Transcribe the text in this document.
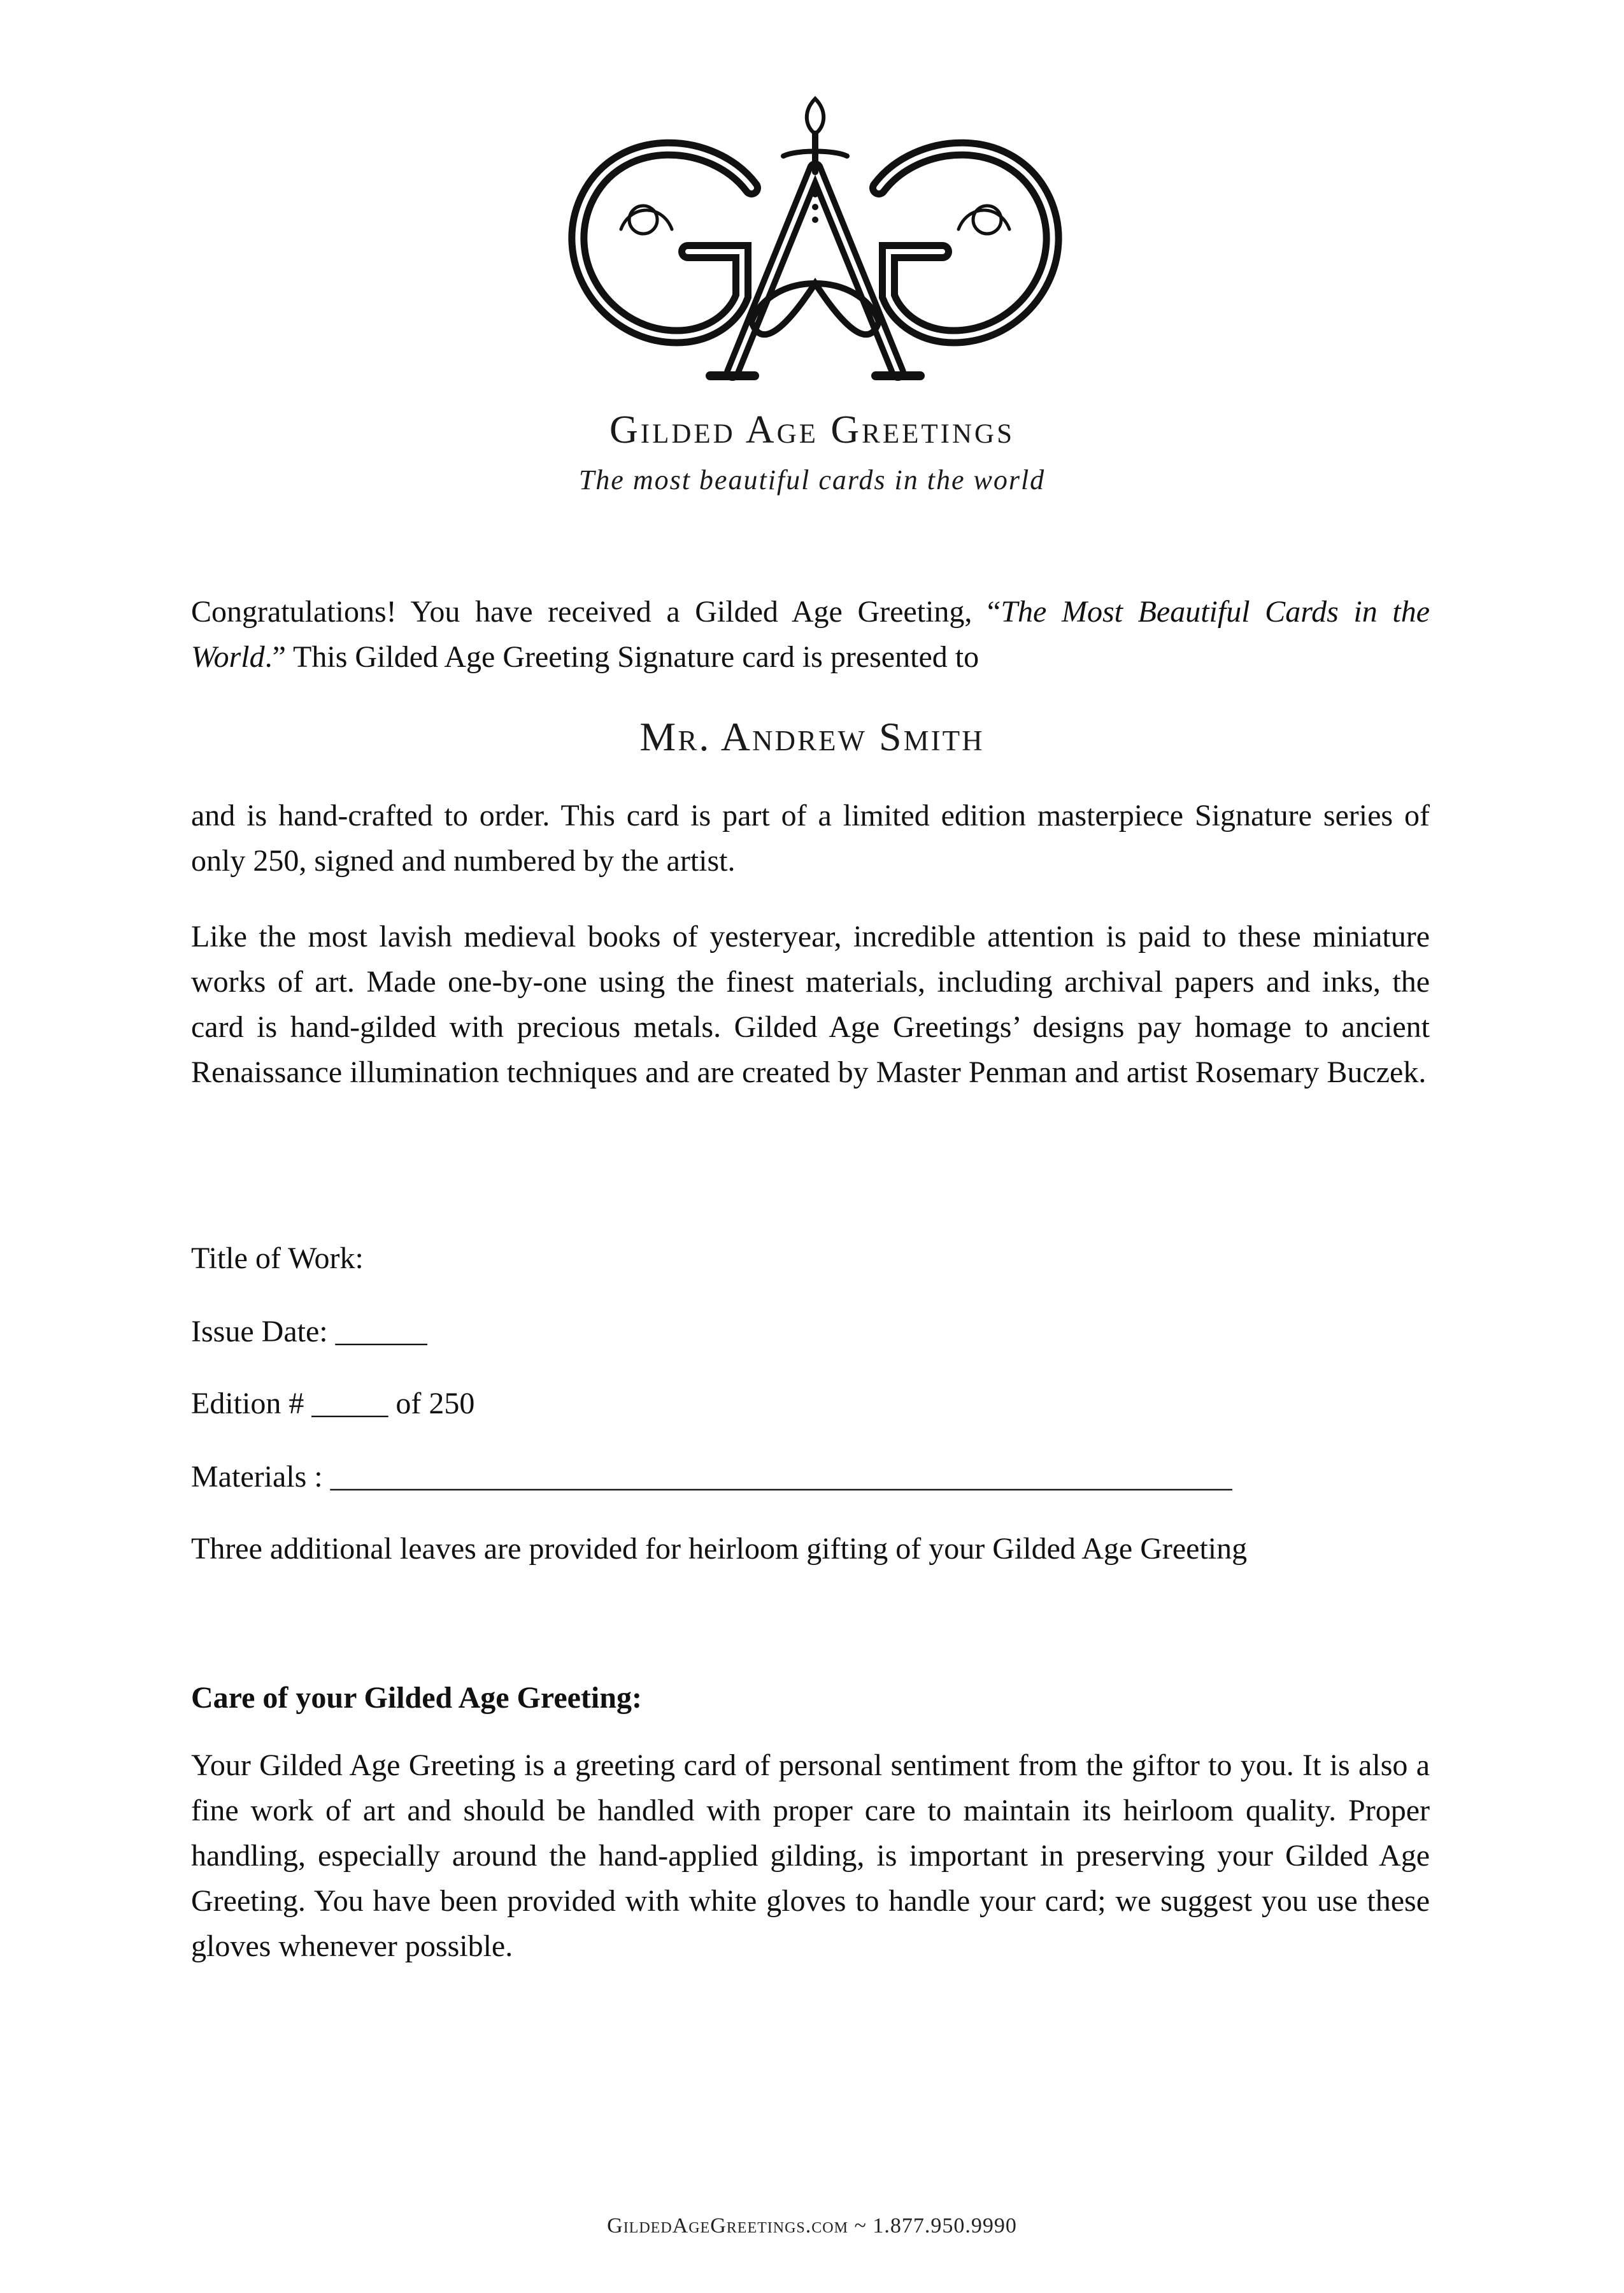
Gilded Age Greetings
The most beautiful cards in the world

Congratulations! You have received a Gilded Age Greeting, “The Most Beautiful Cards in the World.” This Gilded Age Greeting Signature card is presented to

Mr. Andrew Smith

and is hand-crafted to order. This card is part of a limited edition masterpiece Signature series of only 250, signed and numbered by the artist.

Like the most lavish medieval books of yesteryear, incredible attention is paid to these miniature works of art. Made one-by-one using the finest materials, including archival papers and inks, the card is hand-gilded with precious metals. Gilded Age Greetings’ designs pay homage to ancient Renaissance illumination techniques and are created by Master Penman and artist Rosemary Buczek.

Title of Work:
Issue Date: ______
Edition # _____ of 250
Materials : ___________________________________________________________
Three additional leaves are provided for heirloom gifting of your Gilded Age Greeting
Care of your Gilded Age Greeting:

Your Gilded Age Greeting is a greeting card of personal sentiment from the giftor to you. It is also a fine work of art and should be handled with proper care to maintain its heirloom quality. Proper handling, especially around the hand-applied gilding, is important in preserving your Gilded Age Greeting. You have been provided with white gloves to handle your card; we suggest you use these gloves whenever possible.

GildedAgeGreetings.com ~ 1.877.950.9990
